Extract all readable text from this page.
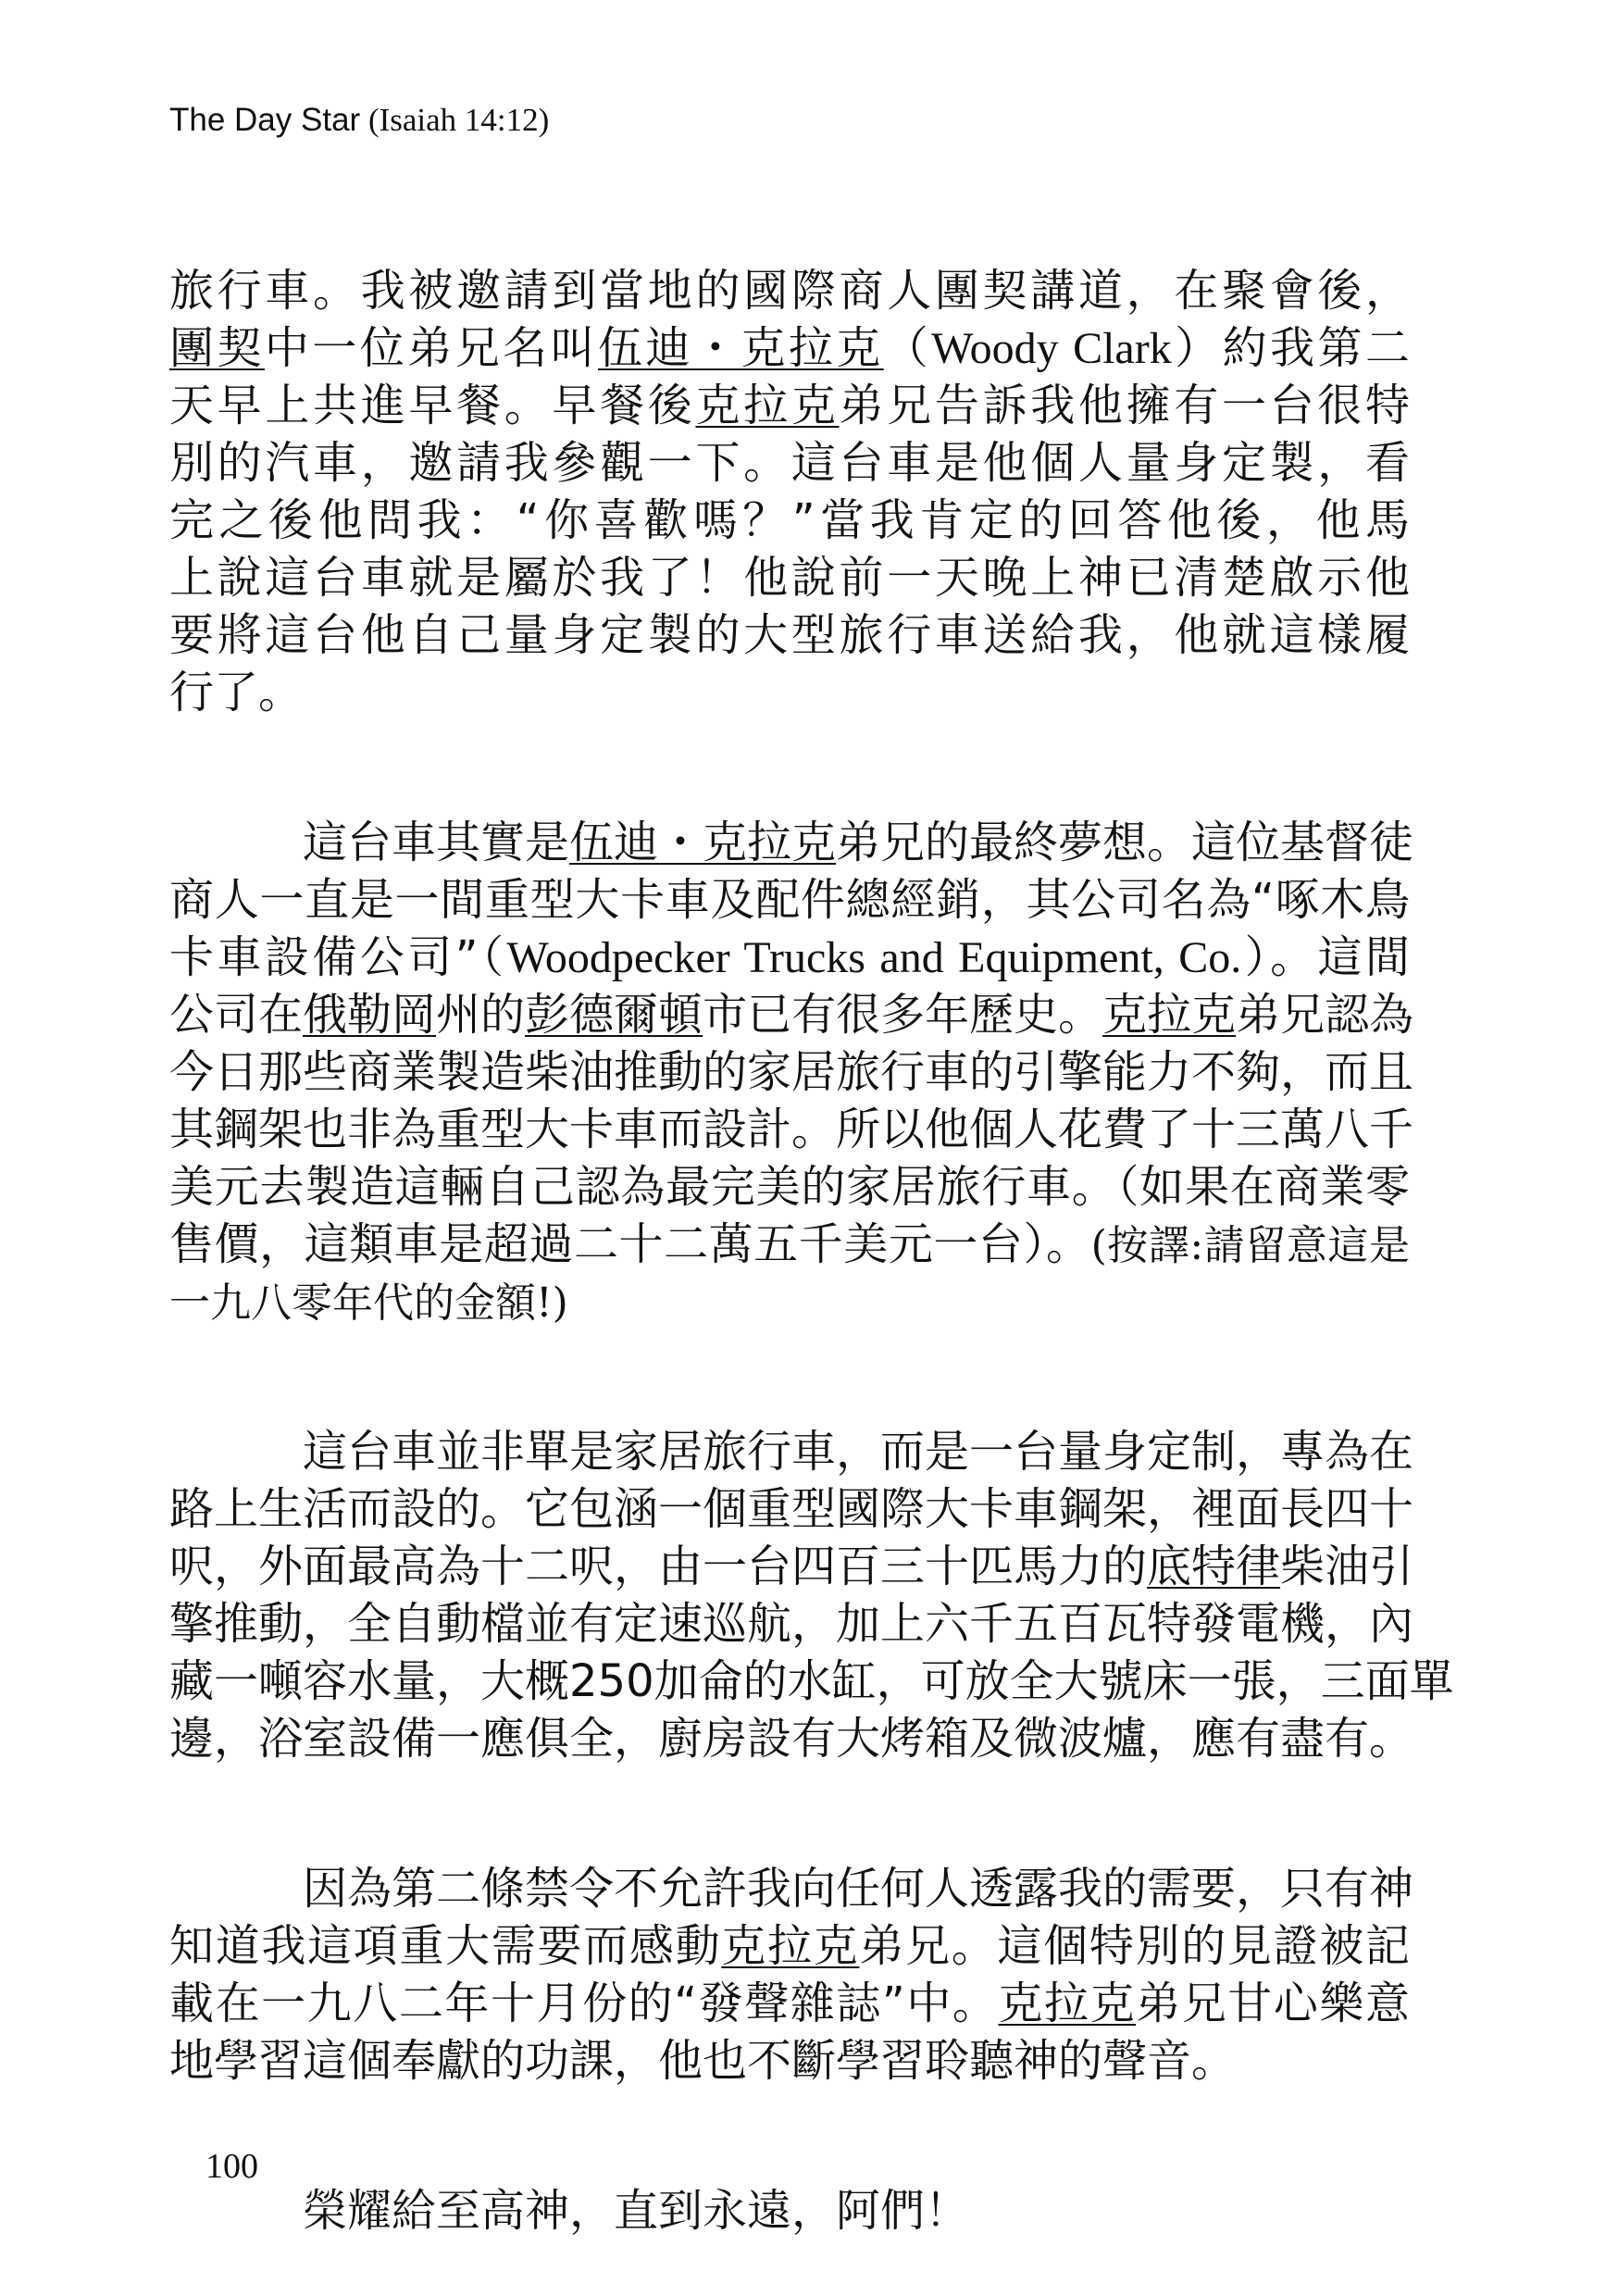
The Day Star (Isaiah 14:12)
旅行車。我被邀請到當地的國際商人團契講道，在聚會後，
團契中一位弟兄名叫伍迪・克拉克（Woody Clark）約我第二
天早上共進早餐。早餐後克拉克弟兄告訴我他擁有一台很特
別的汽車，邀請我參觀一下。這台車是他個人量身定製，看
完之後他問我：“你喜歡嗎？”當我肯定的回答他後，他馬
上說這台車就是屬於我了！他說前一天晚上神已清楚啟示他
要將這台他自己量身定製的大型旅行車送給我，他就這樣履
行了。
這台車其實是伍迪・克拉克弟兄的最終夢想。這位基督徒
商人一直是一間重型大卡車及配件總經銷，其公司名為“啄木鳥
卡車設備公司”（Woodpecker Trucks and Equipment, Co.）。這間
公司在俄勒岡州的彭德爾頓市已有很多年歷史。克拉克弟兄認為
今日那些商業製造柴油推動的家居旅行車的引擎能力不夠，而且
其鋼架也非為重型大卡車而設計。所以他個人花費了十三萬八千
美元去製造這輛自己認為最完美的家居旅行車。（如果在商業零
售價，這類車是超過二十二萬五千美元一台）。(按譯:請留意這是
一九八零年代的金額!)
這台車並非單是家居旅行車，而是一台量身定制，專為在
路上生活而設的。它包涵一個重型國際大卡車鋼架，裡面長四十
呎，外面最高為十二呎，由一台四百三十匹馬力的底特律柴油引
擎推動，全自動檔並有定速巡航，加上六千五百瓦特發電機，內
藏一噸容水量，大概250加侖的水缸，可放全大號床一張，三面單
邊，浴室設備一應俱全，廚房設有大烤箱及微波爐，應有盡有。
因為第二條禁令不允許我向任何人透露我的需要，只有神
知道我這項重大需要而感動克拉克弟兄。這個特別的見證被記
載在一九八二年十月份的“發聲雜誌”中。克拉克弟兄甘心樂意
地學習這個奉獻的功課，他也不斷學習聆聽神的聲音。
榮耀給至高神，直到永遠，阿們！
100
